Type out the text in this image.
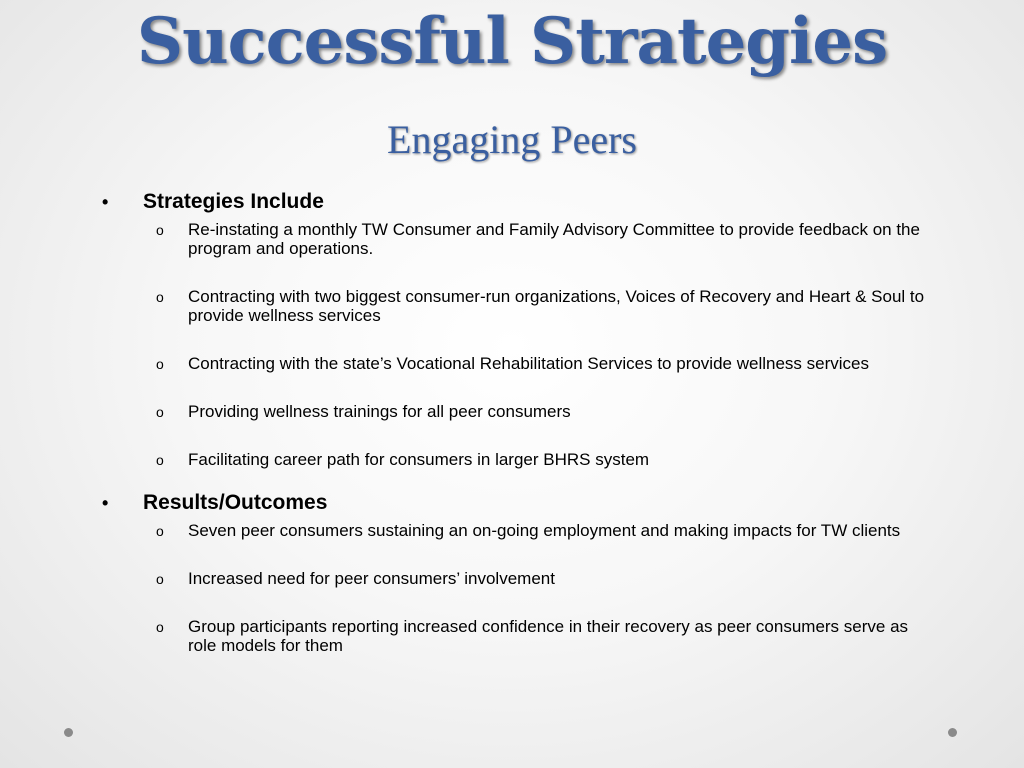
Successful Strategies
Engaging Peers
• Strategies Include
o Re-instating a monthly TW Consumer and Family Advisory Committee to provide feedback on the program and operations.
o Contracting with two biggest consumer-run organizations, Voices of Recovery and Heart & Soul to provide wellness services
o Contracting with the state’s Vocational Rehabilitation Services to provide wellness services
o Providing wellness trainings for all peer consumers
o Facilitating career path for consumers in larger BHRS system
• Results/Outcomes
o Seven peer consumers sustaining an on-going employment and making impacts for TW clients
o Increased need for peer consumers’ involvement
o Group participants reporting increased confidence in their recovery as peer consumers serve as role models for them
